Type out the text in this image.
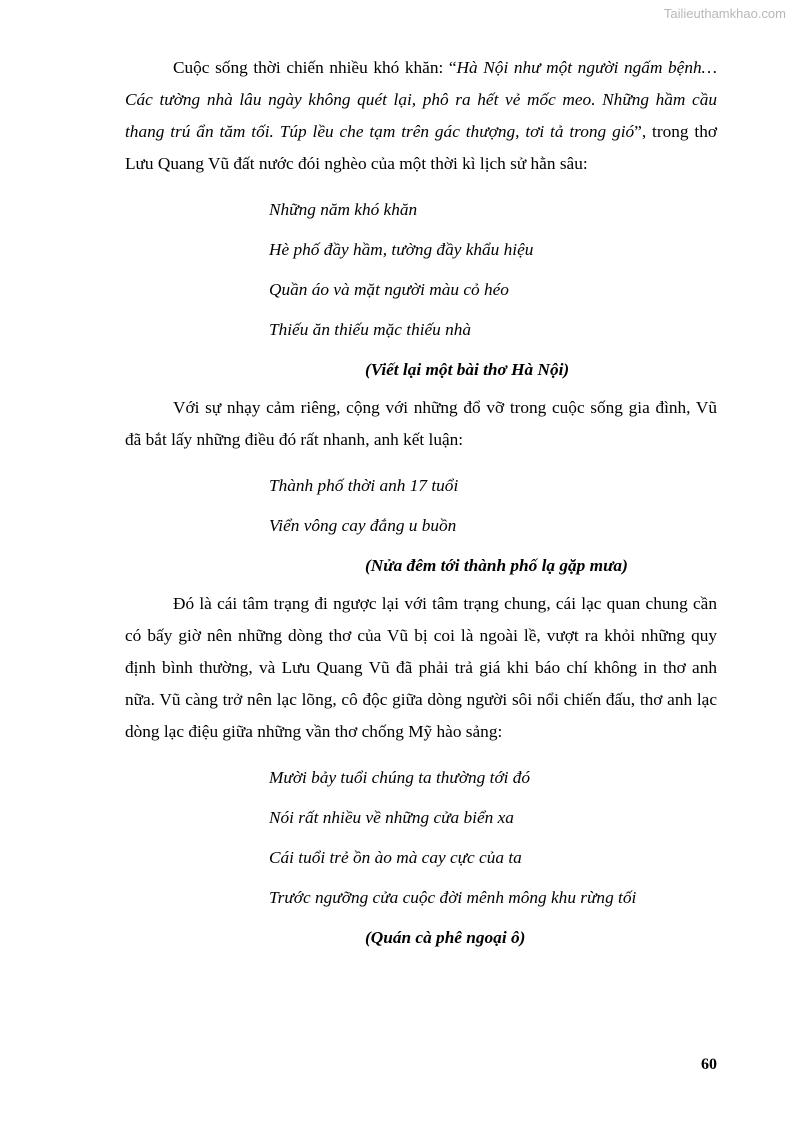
Tailieuthamkhao.com

Cuộc sống thời chiến nhiều khó khăn: “Hà Nội như một người ngấm bệnh… Các tường nhà lâu ngày không quét lại, phô ra hết vẻ mốc meo. Những hầm cầu thang trú ẩn tăm tối. Túp lều che tạm trên gác thượng, tơi tả trong gió”, trong thơ Lưu Quang Vũ đất nước đói nghèo của một thời kì lịch sử hằn sâu:

Những năm khó khăn

Hè phố đầy hầm, tường đầy khẩu hiệu

Quần áo và mặt người màu cỏ héo

Thiếu ăn thiếu mặc thiếu nhà

(Viết lại một bài thơ Hà Nội)

Với sự nhạy cảm riêng, cộng với những đổ vỡ trong cuộc sống gia đình, Vũ đã bắt lấy những điều đó rất nhanh, anh kết luận:

Thành phố thời anh 17 tuổi

Viển vông cay đắng u buồn

(Nửa đêm tới thành phố lạ gặp mưa)

Đó là cái tâm trạng đi ngược lại với tâm trạng chung, cái lạc quan chung cần có bấy giờ nên những dòng thơ của Vũ bị coi là ngoài lề, vượt ra khỏi những quy định bình thường, và Lưu Quang Vũ đã phải trả giá khi báo chí không in thơ anh nữa. Vũ càng trở nên lạc lõng, cô độc giữa dòng người sôi nổi chiến đấu, thơ anh lạc dòng lạc điệu giữa những vần thơ chống Mỹ hào sảng:

Mười bảy tuổi chúng ta thường tới đó

Nói rất nhiều về những cửa biển xa

Cái tuổi trẻ ồn ào mà cay cực của ta

Trước ngưỡng cửa cuộc đời mênh mông khu rừng tối

(Quán cà phê ngoại ô)

60
